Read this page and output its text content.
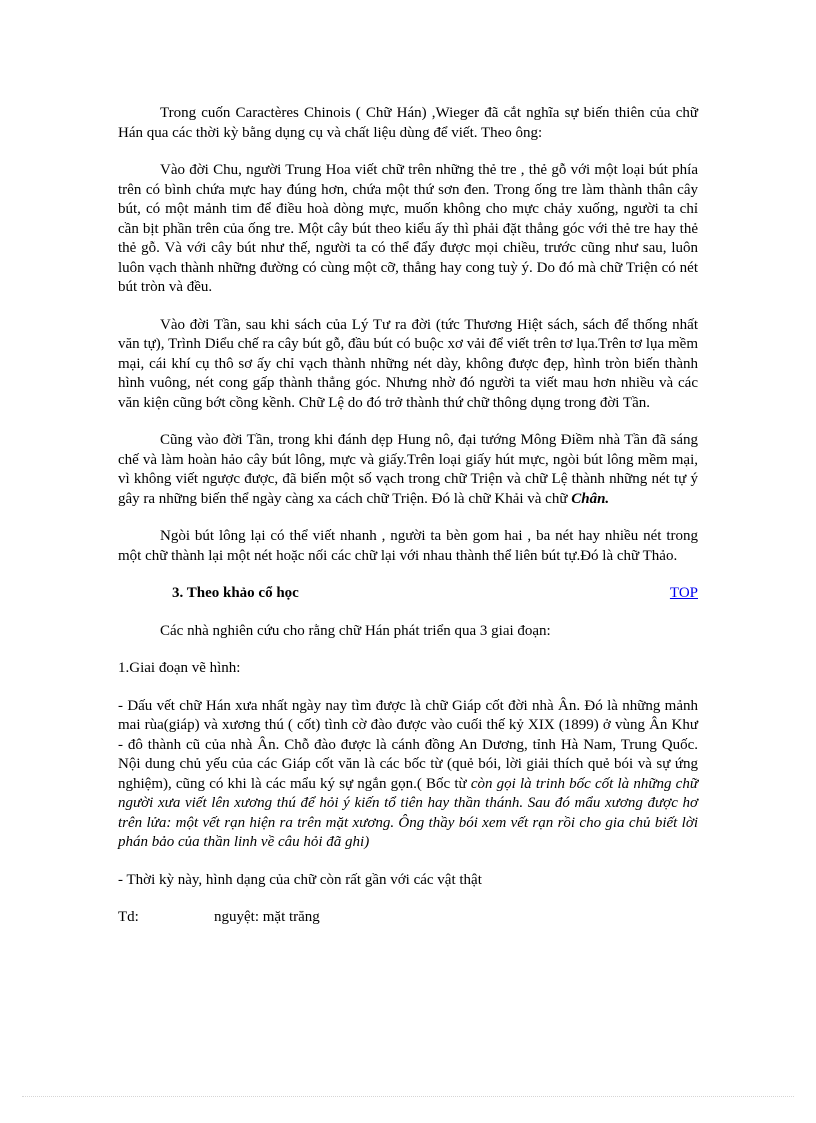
Trong cuốn Caractères Chinois ( Chữ Hán) ,Wieger đã cắt nghĩa sự biến thiên của chữ Hán qua các thời kỳ bằng dụng cụ và chất liệu dùng để viết. Theo ông:

Vào đời Chu, người Trung Hoa viết chữ trên những thẻ tre , thẻ gỗ với một loại bút phía trên có bình chứa mực hay đúng hơn, chứa một thứ sơn đen. Trong ống tre làm thành thân cây bút, có một mảnh tim để điều hoà dòng mực, muốn không cho mực chảy xuống, người ta chỉ cần bịt phần trên của ống tre. Một cây bút theo kiểu ấy thì phải đặt thẳng góc với thẻ tre hay thẻ thẻ gỗ. Và với cây bút như thế, người ta có thể đẩy được mọi chiều, trước cũng như sau, luôn luôn vạch thành những đường có cùng một cỡ, thẳng hay cong tuỳ ý. Do đó mà chữ Triện có nét bút tròn và đều.

Vào đời Tần, sau khi sách của Lý Tư ra đời (tức Thương Hiệt sách, sách để thống nhất văn tự), Trình Diểu chế ra cây bút gỗ, đầu bút có buộc xơ vải để viết trên tơ lụa.Trên tơ lụa mềm mại, cái khí cụ thô sơ ấy chỉ vạch thành những nét dày, không được đẹp, hình tròn biến thành hình vuông, nét cong gấp thành thẳng góc. Nhưng nhờ đó người ta viết mau hơn nhiều và các văn kiện cũng bớt cồng kềnh. Chữ Lệ do đó trở thành thứ chữ thông dụng trong đời Tần.

Cũng vào đời Tần, trong khi đánh dẹp Hung nô, đại tướng Mông Điềm nhà Tần đã sáng chế và làm hoàn hảo cây bút lông, mực và giấy.Trên loại giấy hút mực, ngòi bút lông mềm mại, vì không viết ngược được, đã biến một số vạch trong chữ Triện và chữ Lệ thành những nét tự ý gây ra những biến thể ngày càng xa cách chữ Triện. Đó là chữ Khải và chữ Chân.

Ngòi bút lông lại có thể viết nhanh , người ta bèn gom hai , ba nét hay nhiều nét trong một chữ thành lại một nét hoặc nối các chữ lại với nhau thành thể liên bút tự.Đó là chữ Thảo.

3. Theo khảo cổ học	TOP

Các nhà nghiên cứu cho rằng chữ Hán phát triển qua 3 giai đoạn:

1.Giai đoạn vẽ hình:

- Dấu vết chữ Hán xưa nhất ngày nay tìm được là chữ Giáp cốt đời nhà Ân. Đó là những mảnh mai rùa(giáp) và xương thú ( cốt) tình cờ đào được vào cuối thế kỷ XIX (1899) ở vùng Ân Khư - đô thành cũ của nhà Ân. Chỗ đào được là cánh đồng An Dương, tỉnh Hà Nam, Trung Quốc. Nội dung chủ yếu của các Giáp cốt văn là các bốc từ (quẻ bói, lời giải thích quẻ bói và sự ứng nghiệm), cũng có khi là các mẩu ký sự ngắn gọn.( Bốc từ còn gọi là trinh bốc cốt là những chữ người xưa viết lên xương thú để hỏi ý kiến tổ tiên hay thần thánh. Sau đó mẩu xương được hơ trên lửa: một vết rạn hiện ra trên mặt xương. Ông thầy bói xem vết rạn rồi cho gia chủ biết lời phán bảo của thần linh về câu hỏi đã ghi)

- Thời kỳ này, hình dạng của chữ còn rất gần với các vật thật

Td:	nguyệt: mặt trăng
